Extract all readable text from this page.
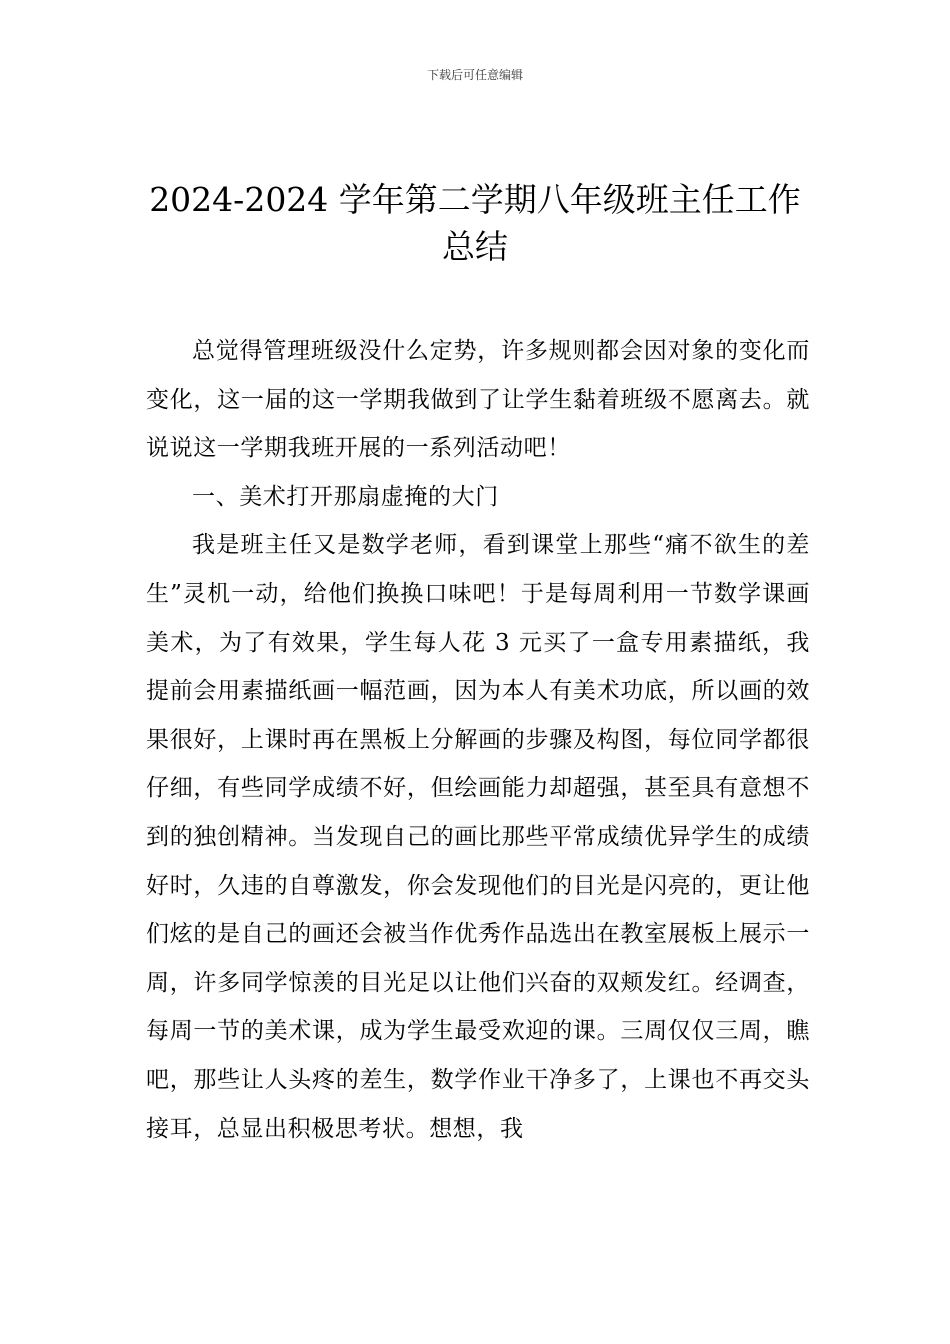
下载后可任意编辑
2024-2024 学年第二学期八年级班主任工作
总结

总觉得管理班级没什么定势，许多规则都会因对象的变化而变化，这一届的这一学期我做到了让学生黏着班级不愿离去。就说说这一学期我班开展的一系列活动吧！

一、美术打开那扇虚掩的大门

我是班主任又是数学老师，看到课堂上那些“痛不欲生的差生”灵机一动，给他们换换口味吧！于是每周利用一节数学课画美术，为了有效果，学生每人花 3 元买了一盒专用素描纸，我提前会用素描纸画一幅范画，因为本人有美术功底，所以画的效果很好，上课时再在黑板上分解画的步骤及构图，每位同学都很仔细，有些同学成绩不好，但绘画能力却超强，甚至具有意想不到的独创精神。当发现自己的画比那些平常成绩优异学生的成绩好时，久违的自尊激发，你会发现他们的目光是闪亮的，更让他们炫的是自己的画还会被当作优秀作品选出在教室展板上展示一周，许多同学惊羡的目光足以让他们兴奋的双颊发红。经调查，每周一节的美术课，成为学生最受欢迎的课。三周仅仅三周，瞧吧，那些让人头疼的差生，数学作业干净多了，上课也不再交头接耳，总显出积极思考状。想想，我
